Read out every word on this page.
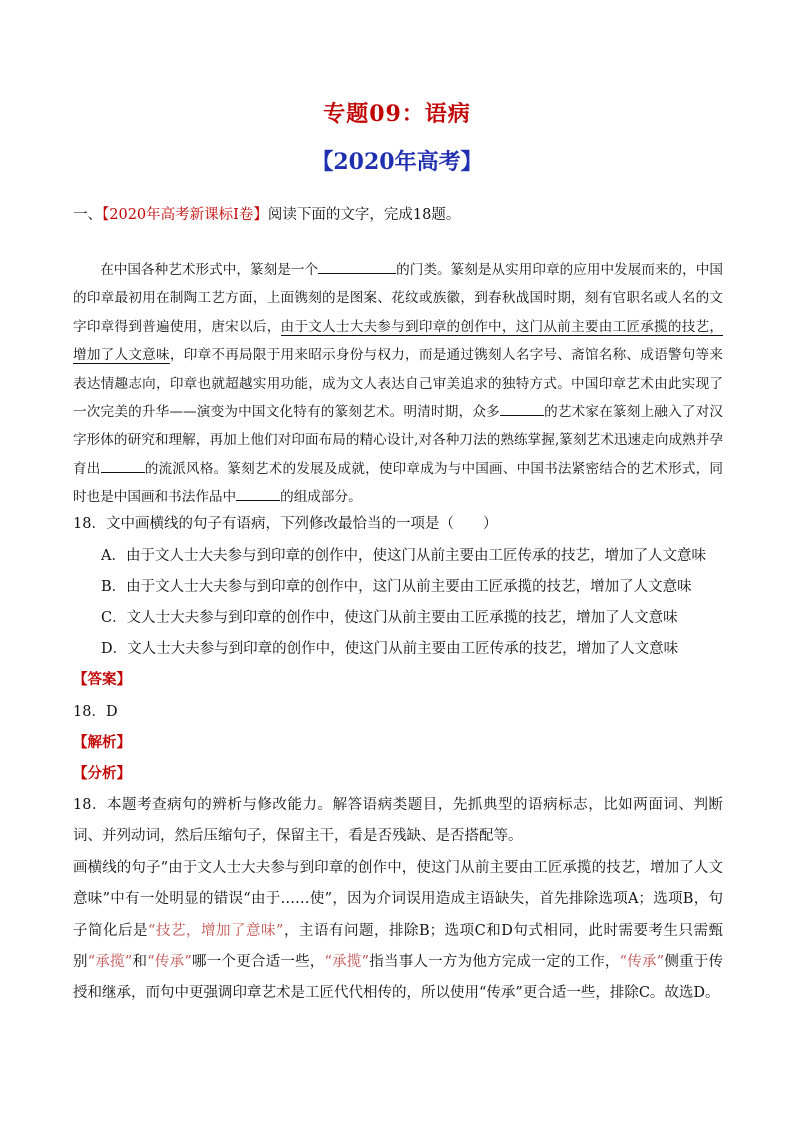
专题09：语病
【2020年高考】
一、【2020年高考新课标Ⅰ卷】阅读下面的文字，完成18题。

在中国各种艺术形式中，篆刻是一个	的门类。篆刻是从实用印章的应用中发展而来的，中国的印章最初用在制陶工艺方面，上面镌刻的是图案、花纹或族徽，到春秋战国时期，刻有官职名或人名的文字印章得到普遍使用，唐宋以后，由于文人士大夫参与到印章的创作中，这门从前主要由工匠承揽的技艺，增加了人文意味，印章不再局限于用来昭示身份与权力，而是通过镌刻人名字号、斋馆名称、成语警句等来表达情趣志向，印章也就超越实用功能，成为文人表达自己审美追求的独特方式。中国印章艺术由此实现了一次完美的升华——演变为中国文化特有的篆刻艺术。明清时期，众多	的艺术家在篆刻上融入了对汉字形体的研究和理解，再加上他们对印面布局的精心设计,对各种刀法的熟练掌握,篆刻艺术迅速走向成熟并孕育出	的流派风格。篆刻艺术的发展及成就，使印章成为与中国画、中国书法紧密结合的艺术形式，同时也是中国画和书法作品中	的组成部分。

18．文中画横线的句子有语病，下列修改最恰当的一项是（　　）
A．由于文人士大夫参与到印章的创作中，使这门从前主要由工匠传承的技艺，增加了人文意味
B．由于文人士大夫参与到印章的创作中，这门从前主要由工匠承揽的技艺，增加了人文意味
C．文人士大夫参与到印章的创作中，使这门从前主要由工匠承揽的技艺，增加了人文意味
D．文人士大夫参与到印章的创作中，使这门从前主要由工匠传承的技艺，增加了人文意味
【答案】
18．D
【解析】
【分析】

18．本题考查病句的辨析与修改能力。解答语病类题目，先抓典型的语病标志，比如两面词、判断词、并列动词，然后压缩句子，保留主干，看是否残缺、是否搭配等。

画横线的句子“由于文人士大夫参与到印章的创作中，使这门从前主要由工匠承揽的技艺，增加了人文意味”中有一处明显的错误“由于……使”，因为介词误用造成主语缺失，首先排除选项A；选项B，句子简化后是“技艺，增加了意味”，主语有问题，排除B；选项C和D句式相同，此时需要考生只需甄别“承揽”和“传承”哪一个更合适一些，“承揽”指当事人一方为他方完成一定的工作，“传承”侧重于传授和继承，而句中更强调印章艺术是工匠代代相传的，所以使用“传承”更合适一些，排除C。故选D。
